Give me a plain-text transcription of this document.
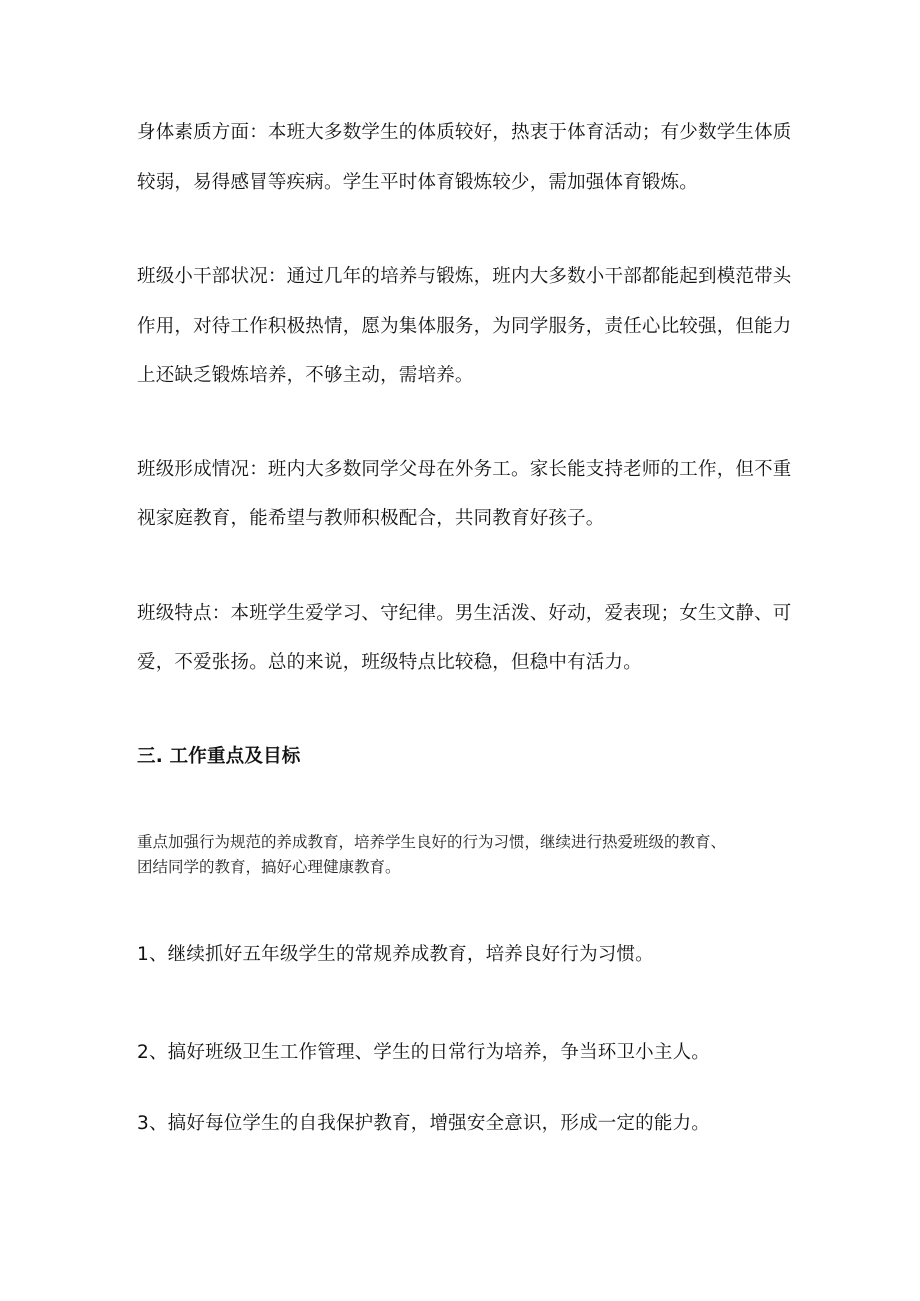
身体素质方面：本班大多数学生的体质较好，热衷于体育活动；有少数学生体质

较弱，易得感冒等疾病。学生平时体育锻炼较少，需加强体育锻炼。

班级小干部状况：通过几年的培养与锻炼，班内大多数小干部都能起到模范带头

作用，对待工作积极热情，愿为集体服务，为同学服务，责任心比较强，但能力

上还缺乏锻炼培养，不够主动，需培养。

班级形成情况：班内大多数同学父母在外务工。家长能支持老师的工作，但不重

视家庭教育，能希望与教师积极配合，共同教育好孩子。

班级特点：本班学生爱学习、守纪律。男生活泼、好动，爱表现；女生文静、可

爱，不爱张扬。总的来说，班级特点比较稳，但稳中有活力。

三. 工作重点及目标

重点加强行为规范的养成教育，培养学生良好的行为习惯，继续进行热爱班级的教育、

团结同学的教育，搞好心理健康教育。

1、继续抓好五年级学生的常规养成教育，培养良好行为习惯。

2、搞好班级卫生工作管理、学生的日常行为培养，争当环卫小主人。

3、搞好每位学生的自我保护教育，增强安全意识，形成一定的能力。
